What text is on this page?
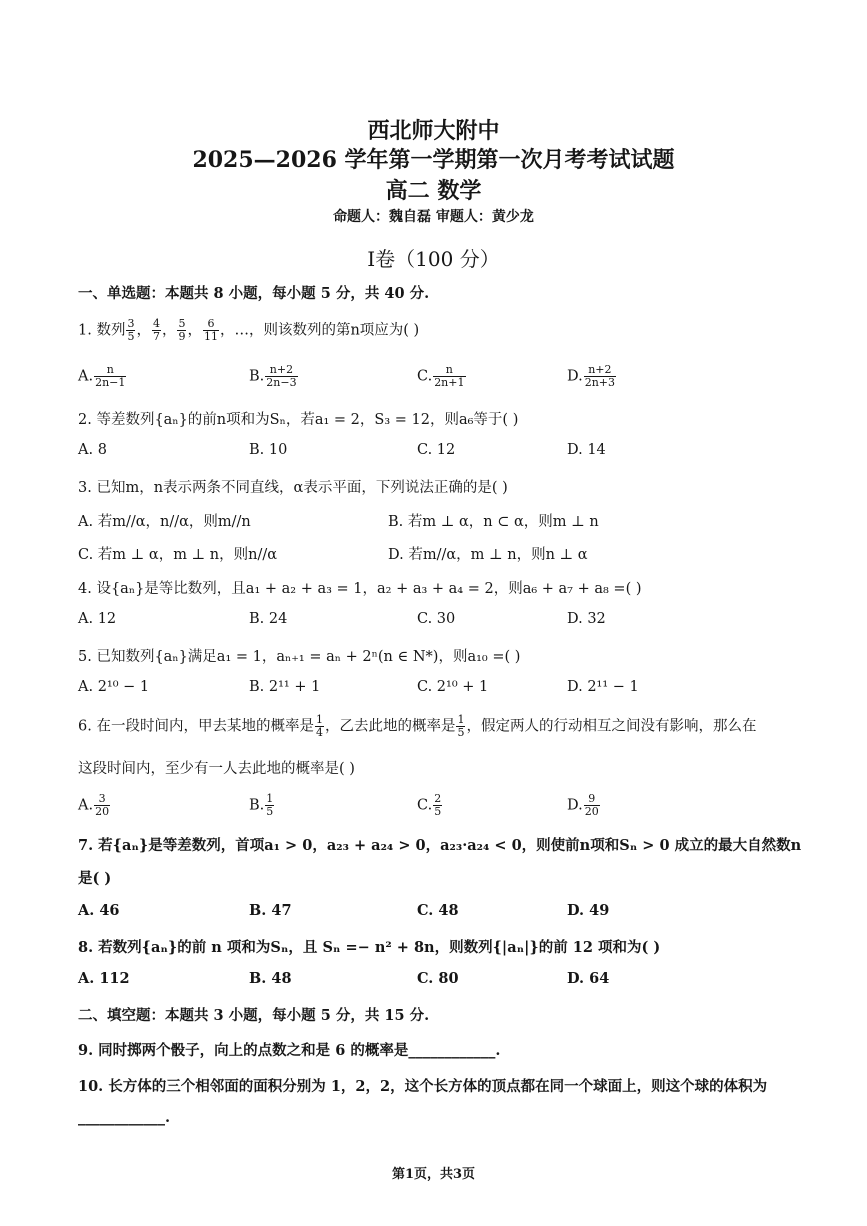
西北师大附中
2025—2026 学年第一学期第一次月考考试试题
高二 数学
命题人：魏自磊 审题人：黄少龙
Ⅰ卷（100 分）
一、单选题：本题共 8 小题，每小题 5 分，共 40 分.
1. 数列 $\frac{3}{5}$ ， $\frac{4}{7}$ ， $\frac{5}{9}$ ， $\frac{6}{11}$ ，…，则该数列的第n项应为( )
A. $\frac{n}{2n-1}$	B. $\frac{n+2}{2n-3}$	C. $\frac{n}{2n+1}$	D. $\frac{n+2}{2n+3}$
2. 等差数列{aₙ}的前n项和为Sₙ，若a₁ = 2，S₃ = 12，则a₆等于( )
A. 8	B. 10	C. 12	D. 14
3. 已知m，n表示两条不同直线，α表示平面，下列说法正确的是( )
A. 若m//α，n//α，则m//n	B. 若m ⊥ α，n ⊂ α，则m ⊥ n
C. 若m ⊥ α，m ⊥ n，则n//α	D. 若m//α，m ⊥ n，则n ⊥ α
4. 设{aₙ}是等比数列，且a₁ + a₂ + a₃ = 1，a₂ + a₃ + a₄ = 2，则a₆ + a₇ + a₈ =( )
A. 12	B. 24	C. 30	D. 32
5. 已知数列{aₙ}满足a₁ = 1，aₙ₊₁ = aₙ + 2ⁿ(n ∈ N*)，则a₁₀ =( )
A. 2¹⁰ − 1	B. 2¹¹ + 1	C. 2¹⁰ + 1	D. 2¹¹ − 1
6. 在一段时间内，甲去某地的概率是 $\frac{1}{4}$ ，乙去此地的概率是 $\frac{1}{5}$ ，假定两人的行动相互之间没有影响，那么在
这段时间内，至少有一人去此地的概率是( )
A. $\frac{3}{20}$	B. $\frac{1}{5}$	C. $\frac{2}{5}$	D. $\frac{9}{20}$
7. 若{aₙ}是等差数列，首项a₁ > 0，a₂₃ + a₂₄ > 0，a₂₃·a₂₄ < 0，则使前n项和Sₙ > 0 成立的最大自然数n
是( )
A. 46	B. 47	C. 48	D. 49
8. 若数列{aₙ}的前 n 项和为Sₙ，且 Sₙ =− n² + 8n，则数列{|aₙ|}的前 12 项和为( )
A. 112	B. 48	C. 80	D. 64
二、填空题：本题共 3 小题，每小题 5 分，共 15 分.
9. 同时掷两个骰子，向上的点数之和是 6 的概率是____________.
10. 长方体的三个相邻面的面积分别为 1，2，2，这个长方体的顶点都在同一个球面上，则这个球的体积为
____________.
第1页，共3页
